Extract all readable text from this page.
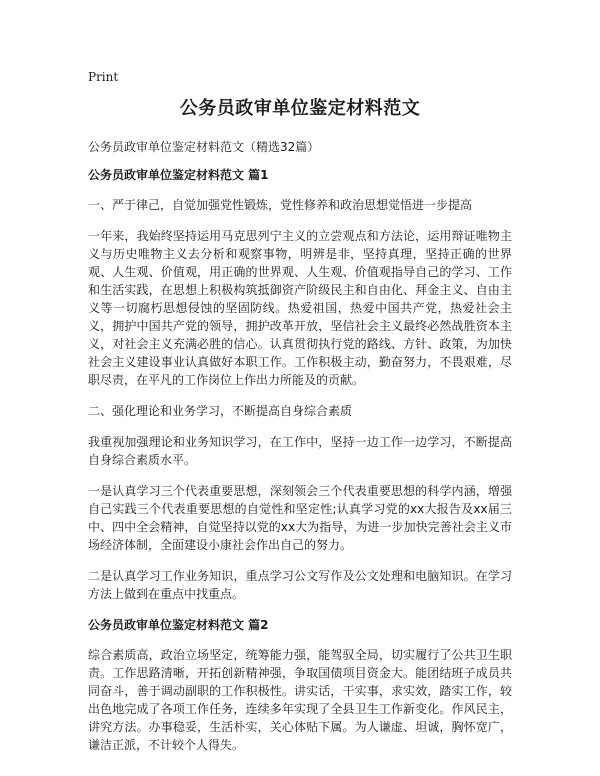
Print
公务员政审单位鉴定材料范文
公务员政审单位鉴定材料范文（精选32篇）
公务员政审单位鉴定材料范文 篇1

一、严于律己，自觉加强党性锻炼，党性修养和政治思想觉悟进一步提高

一年来，我始终坚持运用马克思列宁主义的立尝观点和方法论，运用辩证唯物主义与历史唯物主义去分析和观察事物，明辨是非，坚持真理，坚持正确的世界观、人生观、价值观，用正确的世界观、人生观、价值观指导自己的学习、工作和生活实践，在思想上积极构筑抵御资产阶级民主和自由化、拜金主义、自由主义等一切腐朽思想侵蚀的坚固防线。热爱祖国，热爱中国共产党，热爱社会主义，拥护中国共产党的领导，拥护改革开放，坚信社会主义最终必然战胜资本主义，对社会主义充满必胜的信心。认真贯彻执行党的路线、方针、政策，为加快社会主义建设事业认真做好本职工作。工作积极主动，勤奋努力，不畏艰难，尽职尽责，在平凡的工作岗位上作出力所能及的贡献。

二、强化理论和业务学习，不断提高自身综合素质

我重视加强理论和业务知识学习，在工作中，坚持一边工作一边学习，不断提高自身综合素质水平。

一是认真学习三个代表重要思想，深刻领会三个代表重要思想的科学内涵，增强自己实践三个代表重要思想的自觉性和坚定性;认真学习党的xx大报告及xx届三中、四中全会精神，自觉坚持以党的xx大为指导，为进一步加快完善社会主义市场经济体制，全面建设小康社会作出自己的努力。

二是认真学习工作业务知识，重点学习公文写作及公文处理和电脑知识。在学习方法上做到在重点中找重点。

公务员政审单位鉴定材料范文 篇2

综合素质高，政治立场坚定，统筹能力强，能驾驭全局，切实履行了公共卫生职责。工作思路清晰，开拓创新精神强，争取国债项目资金大。能团结班子成员共同奋斗，善于调动副职的工作积极性。讲实话，干实事，求实效，踏实工作，较出色地完成了各项工作任务，连续多年实现了全县卫生工作新变化。作风民主，讲究方法。办事稳妥，生活朴实，关心体贴下属。为人谦虚、坦诚，胸怀宽广，谦洁正派，不计较个人得失。
